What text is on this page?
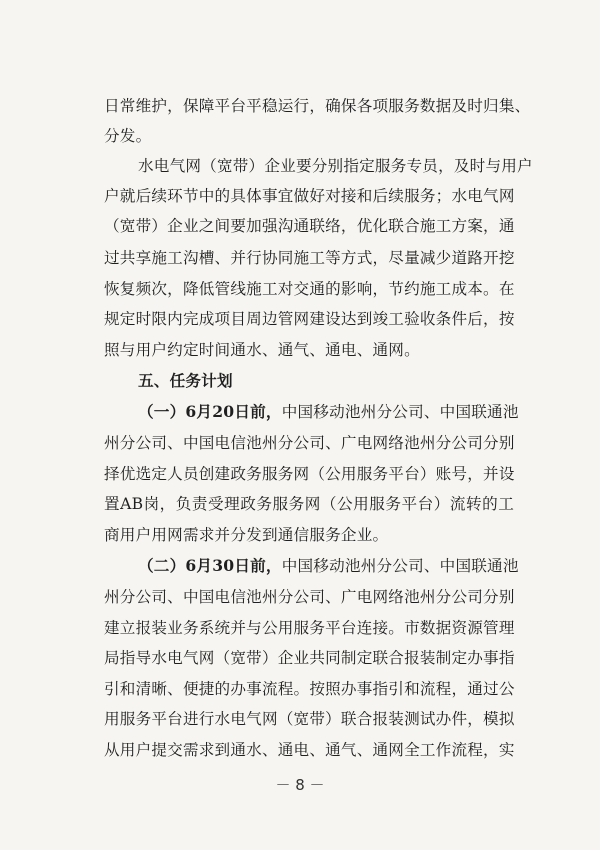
日常维护，保障平台平稳运行，确保各项服务数据及时归集、
分发。
水电气网（宽带）企业要分别指定服务专员，及时与用户
户就后续环节中的具体事宜做好对接和后续服务；水电气网
（宽带）企业之间要加强沟通联络，优化联合施工方案，通
过共享施工沟槽、并行协同施工等方式，尽量减少道路开挖
恢复频次，降低管线施工对交通的影响，节约施工成本。在
规定时限内完成项目周边管网建设达到竣工验收条件后，按
照与用户约定时间通水、通气、通电、通网。
五、任务计划
（一）6月20日前，中国移动池州分公司、中国联通池
州分公司、中国电信池州分公司、广电网络池州分公司分别
择优选定人员创建政务服务网（公用服务平台）账号，并设
置AB岗，负责受理政务服务网（公用服务平台）流转的工
商用户用网需求并分发到通信服务企业。
（二）6月30日前，中国移动池州分公司、中国联通池
州分公司、中国电信池州分公司、广电网络池州分公司分别
建立报装业务系统并与公用服务平台连接。市数据资源管理
局指导水电气网（宽带）企业共同制定联合报装制定办事指
引和清晰、便捷的办事流程。按照办事指引和流程，通过公
用服务平台进行水电气网（宽带）联合报装测试办件，模拟
从用户提交需求到通水、通电、通气、通网全工作流程，实
－ 8 －
